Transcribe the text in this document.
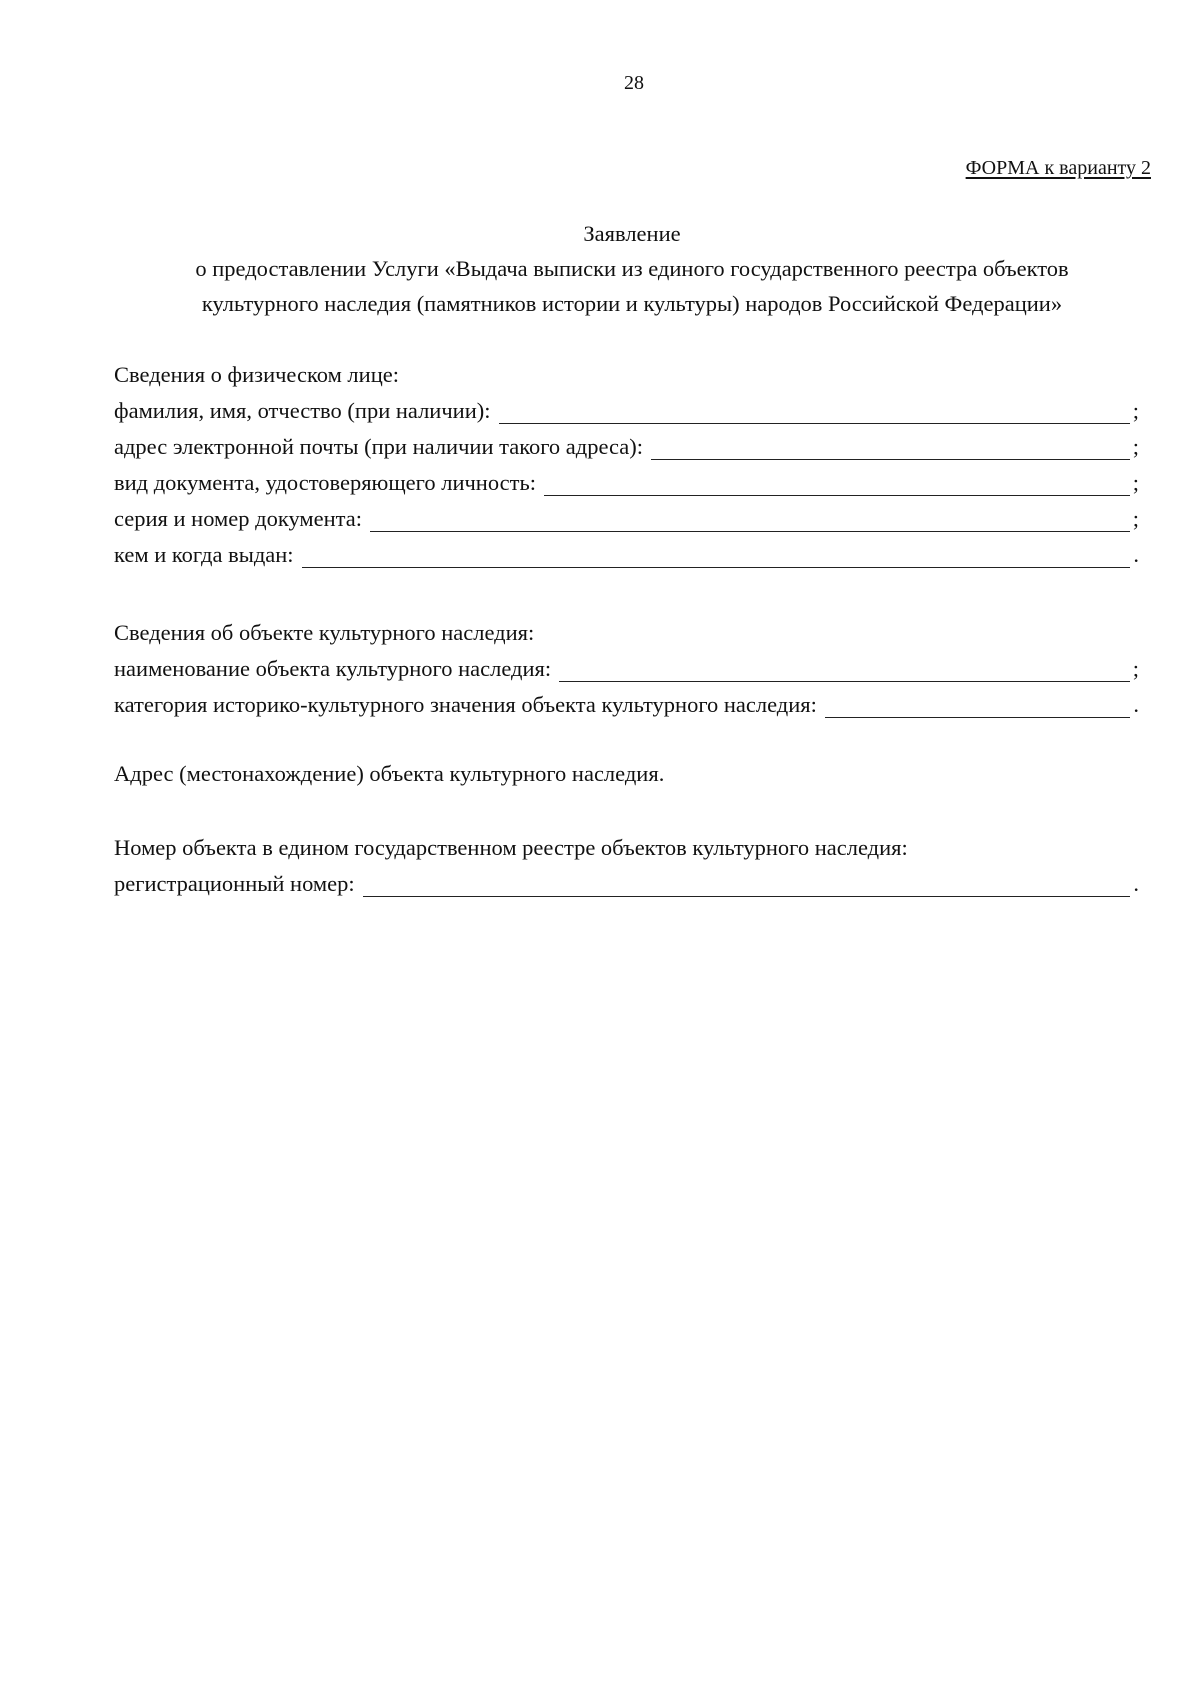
28
ФОРМА к варианту 2
Заявление
о предоставлении Услуги «Выдача выписки из единого государственного реестра объектов
культурного наследия (памятников истории и культуры) народов Российской Федерации»
Сведения о физическом лице:
фамилия, имя, отчество (при наличии):	;
адрес электронной почты (при наличии такого адреса):	;
вид документа, удостоверяющего личность:	;
серия и номер документа:	;
кем и когда выдан:	.
Сведения об объекте культурного наследия:
наименование объекта культурного наследия:	;
категория историко-культурного значения объекта культурного наследия:	.
Адрес (местонахождение) объекта культурного наследия.
Номер объекта в едином государственном реестре объектов культурного наследия:
регистрационный номер:	.
